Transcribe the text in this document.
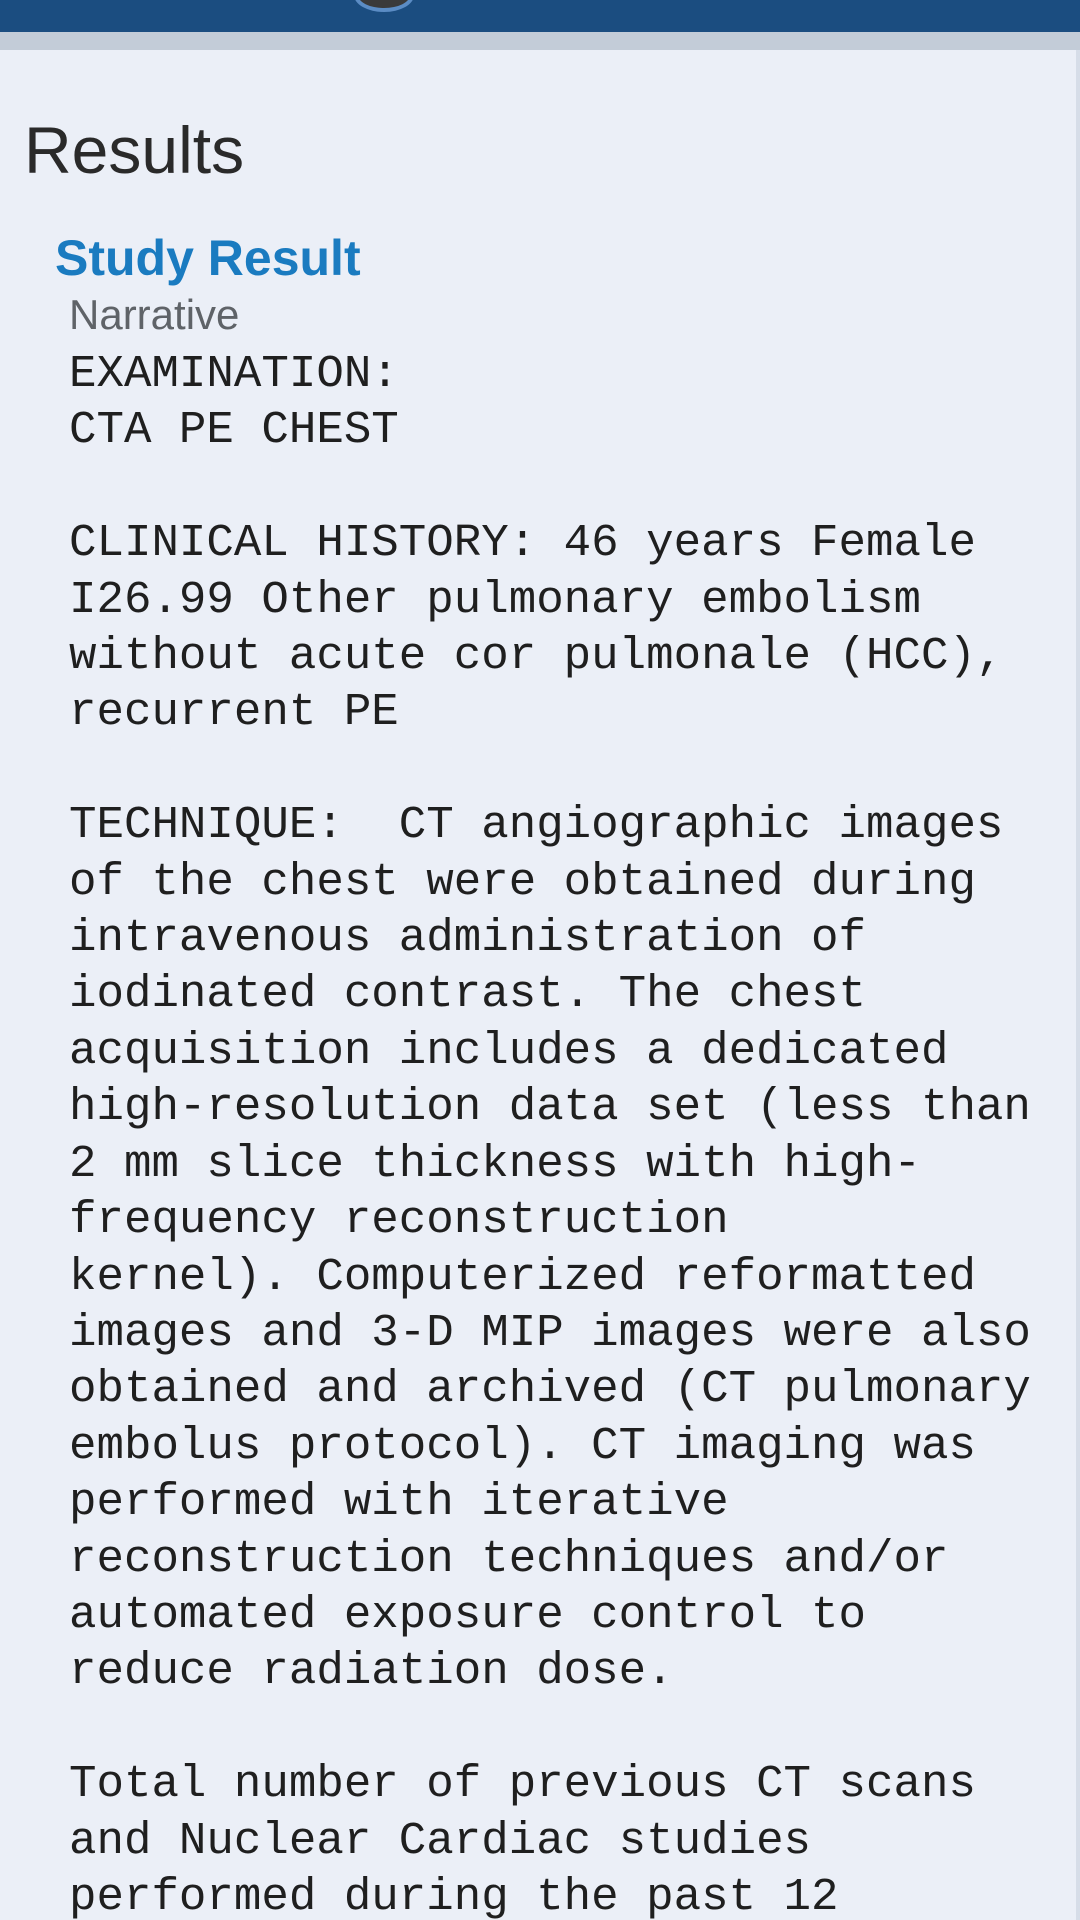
Results
Study Result
Narrative
EXAMINATION:
CTA PE CHEST

CLINICAL HISTORY: 46 years Female
I26.99 Other pulmonary embolism
without acute cor pulmonale (HCC),
recurrent PE

TECHNIQUE:  CT angiographic images
of the chest were obtained during
intravenous administration of
iodinated contrast. The chest
acquisition includes a dedicated
high-resolution data set (less than
2 mm slice thickness with high-
frequency reconstruction
kernel). Computerized reformatted
images and 3-D MIP images were also
obtained and archived (CT pulmonary
embolus protocol). CT imaging was
performed with iterative
reconstruction techniques and/or
automated exposure control to
reduce radiation dose.

Total number of previous CT scans
and Nuclear Cardiac studies
performed during the past 12
